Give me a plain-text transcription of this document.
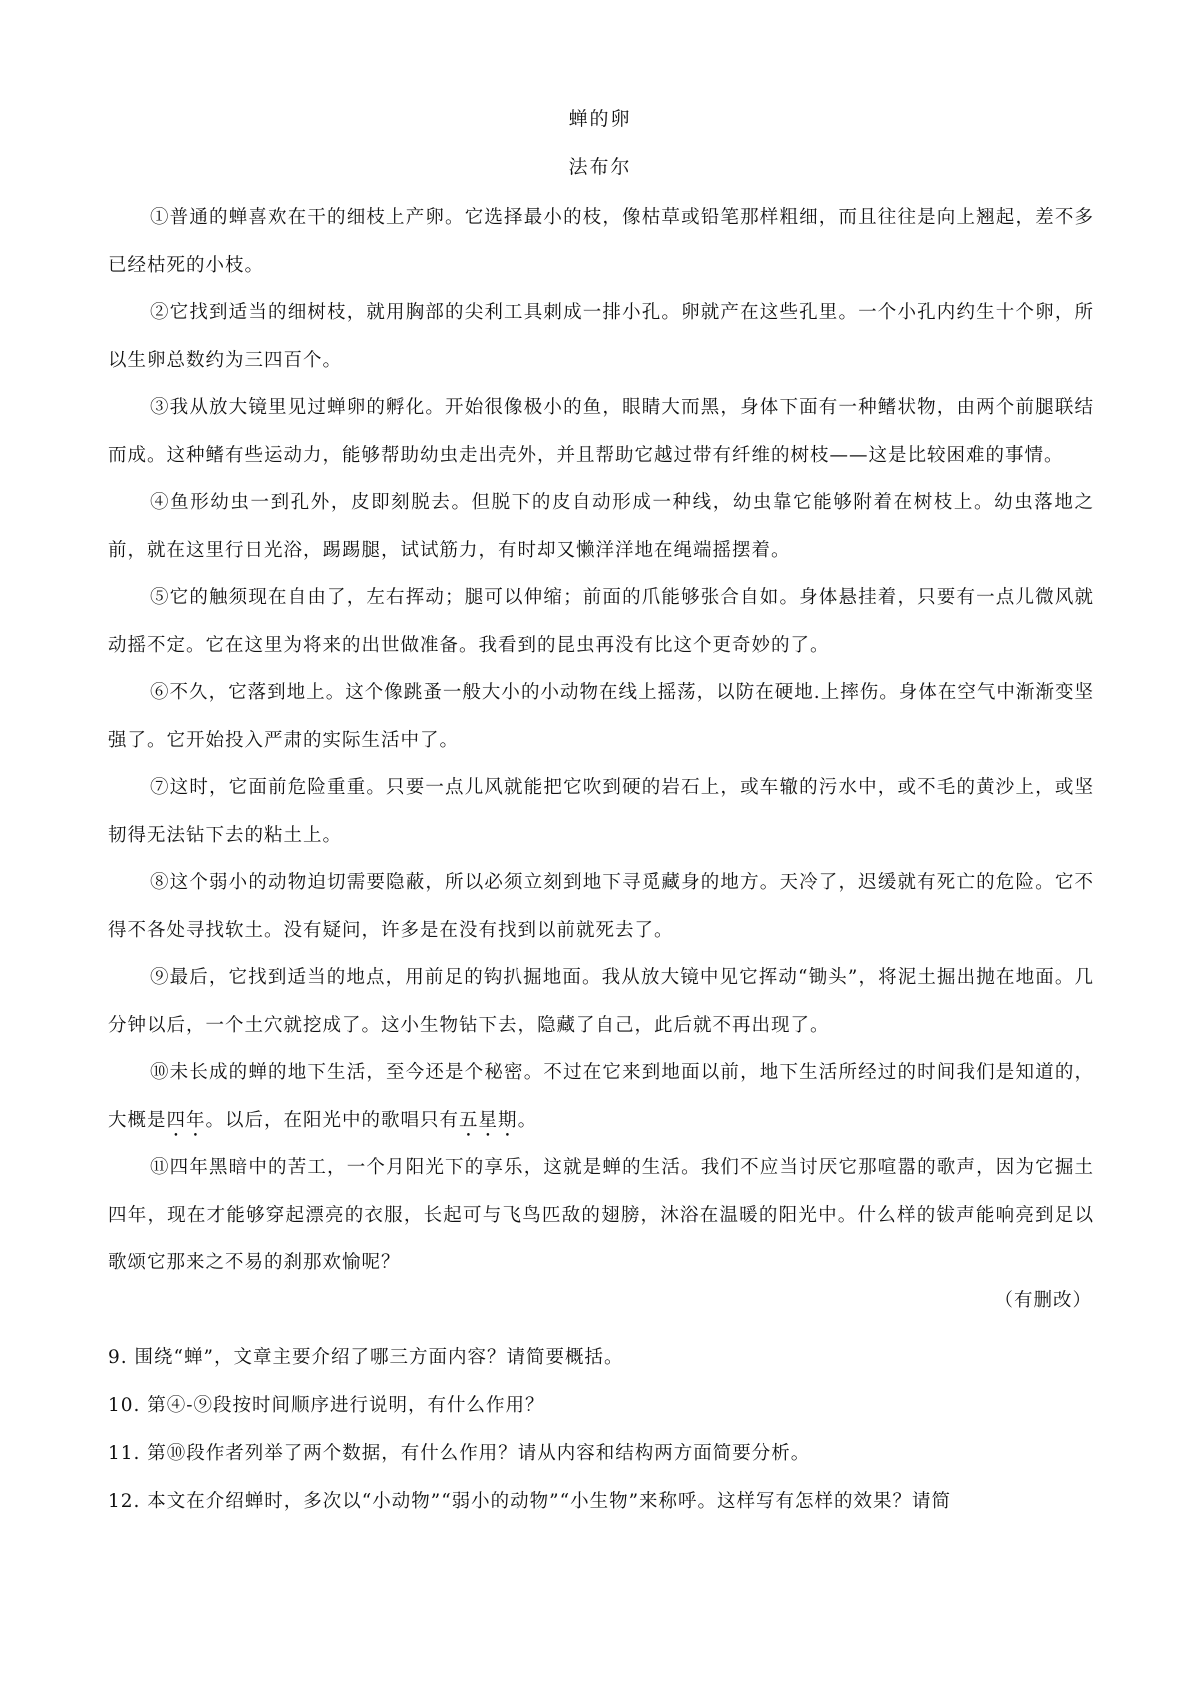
蝉的卵
法布尔

①普通的蝉喜欢在干的细枝上产卵。它选择最小的枝，像枯草或铅笔那样粗细，而且往往是向上翘起，差不多已经枯死的小枝。

②它找到适当的细树枝，就用胸部的尖利工具刺成一排小孔。卵就产在这些孔里。一个小孔内约生十个卵，所以生卵总数约为三四百个。

③我从放大镜里见过蝉卵的孵化。开始很像极小的鱼，眼睛大而黑，身体下面有一种鳍状物，由两个前腿联结而成。这种鳍有些运动力，能够帮助幼虫走出壳外，并且帮助它越过带有纤维的树枝——这是比较困难的事情。

④鱼形幼虫一到孔外，皮即刻脱去。但脱下的皮自动形成一种线，幼虫靠它能够附着在树枝上。幼虫落地之前，就在这里行日光浴，踢踢腿，试试筋力，有时却又懒洋洋地在绳端摇摆着。

⑤它的触须现在自由了，左右挥动；腿可以伸缩；前面的爪能够张合自如。身体悬挂着，只要有一点儿微风就动摇不定。它在这里为将来的出世做准备。我看到的昆虫再没有比这个更奇妙的了。

⑥不久，它落到地上。这个像跳蚤一般大小的小动物在线上摇荡，以防在硬地.上摔伤。身体在空气中渐渐变坚强了。它开始投入严肃的实际生活中了。

⑦这时，它面前危险重重。只要一点儿风就能把它吹到硬的岩石上，或车辙的污水中，或不毛的黄沙上，或坚韧得无法钻下去的粘土上。

⑧这个弱小的动物迫切需要隐蔽，所以必须立刻到地下寻觅藏身的地方。天冷了，迟缓就有死亡的危险。它不得不各处寻找软土。没有疑问，许多是在没有找到以前就死去了。

⑨最后，它找到适当的地点，用前足的钩扒掘地面。我从放大镜中见它挥动“锄头”，将泥土掘出抛在地面。几分钟以后，一个土穴就挖成了。这小生物钻下去，隐藏了自己，此后就不再出现了。

⑩未长成的蝉的地下生活，至今还是个秘密。不过在它来到地面以前，地下生活所经过的时间我们是知道的，大概是四年。以后，在阳光中的歌唱只有五星期。

⑪四年黑暗中的苦工，一个月阳光下的享乐，这就是蝉的生活。我们不应当讨厌它那喧嚣的歌声，因为它掘土四年，现在才能够穿起漂亮的衣服，长起可与飞鸟匹敌的翅膀，沐浴在温暖的阳光中。什么样的钹声能响亮到足以歌颂它那来之不易的刹那欢愉呢？

（有删改）

9. 围绕“蝉”，文章主要介绍了哪三方面内容？请简要概括。

10. 第④-⑨段按时间顺序进行说明，有什么作用？

11. 第⑩段作者列举了两个数据，有什么作用？请从内容和结构两方面简要分析。

12. 本文在介绍蝉时，多次以“小动物”“弱小的动物”“小生物”来称呼。这样写有怎样的效果？请简
